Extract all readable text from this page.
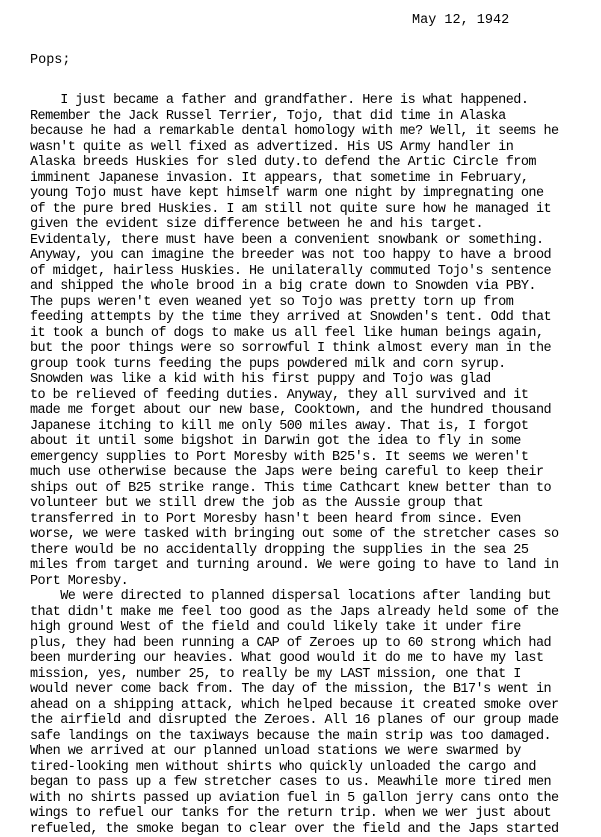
May 12, 1942
Pops;
I just became a father and grandfather. Here is what happened.
Remember the Jack Russel Terrier, Tojo, that did time in Alaska
because he had a remarkable dental homology with me? Well, it seems he
wasn't quite as well fixed as advertized. His US Army handler in
Alaska breeds Huskies for sled duty.to defend the Artic Circle from
imminent Japanese invasion. It appears, that sometime in February,
young Tojo must have kept himself warm one night by impregnating one
of the pure bred Huskies. I am still not quite sure how he managed it
given the evident size difference between he and his target.
Evidentaly, there must have been a convenient snowbank or something.
Anyway, you can imagine the breeder was not too happy to have a brood
of midget, hairless Huskies. He unilaterally commuted Tojo's sentence
and shipped the whole brood in a big crate down to Snowden via PBY.
The pups weren't even weaned yet so Tojo was pretty torn up from
feeding attempts by the time they arrived at Snowden's tent. Odd that
it took a bunch of dogs to make us all feel like human beings again,
but the poor things were so sorrowful I think almost every man in the
group took turns feeding the pups powdered milk and corn syrup.
Snowden was like a kid with his first puppy and Tojo was glad
to be relieved of feeding duties. Anyway, they all survived and it
made me forget about our new base, Cooktown, and the hundred thousand
Japanese itching to kill me only 500 miles away. That is, I forgot
about it until some bigshot in Darwin got the idea to fly in some
emergency supplies to Port Moresby with B25's. It seems we weren't
much use otherwise because the Japs were being careful to keep their
ships out of B25 strike range. This time Cathcart knew better than to
volunteer but we still drew the job as the Aussie group that
transferred in to Port Moresby hasn't been heard from since. Even
worse, we were tasked with bringing out some of the stretcher cases so
there would be no accidentally dropping the supplies in the sea 25
miles from target and turning around. We were going to have to land in
Port Moresby.
We were directed to planned dispersal locations after landing but
that didn't make me feel too good as the Japs already held some of the
high ground West of the field and could likely take it under fire
plus, they had been running a CAP of Zeroes up to 60 strong which had
been murdering our heavies. What good would it do me to have my last
mission, yes, number 25, to really be my LAST mission, one that I
would never come back from. The day of the mission, the B17's went in
ahead on a shipping attack, which helped because it created smoke over
the airfield and disrupted the Zeroes. All 16 planes of our group made
safe landings on the taxiways because the main strip was too damaged.
When we arrived at our planned unload stations we were swarmed by
tired-looking men without shirts who quickly unloaded the cargo and
began to pass up a few stretcher cases to us. Meawhile more tired men
with no shirts passed up aviation fuel in 5 gallon jerry cans onto the
wings to refuel our tanks for the return trip. when we wer just about
refueled, the smoke began to clear over the field and the Japs started
